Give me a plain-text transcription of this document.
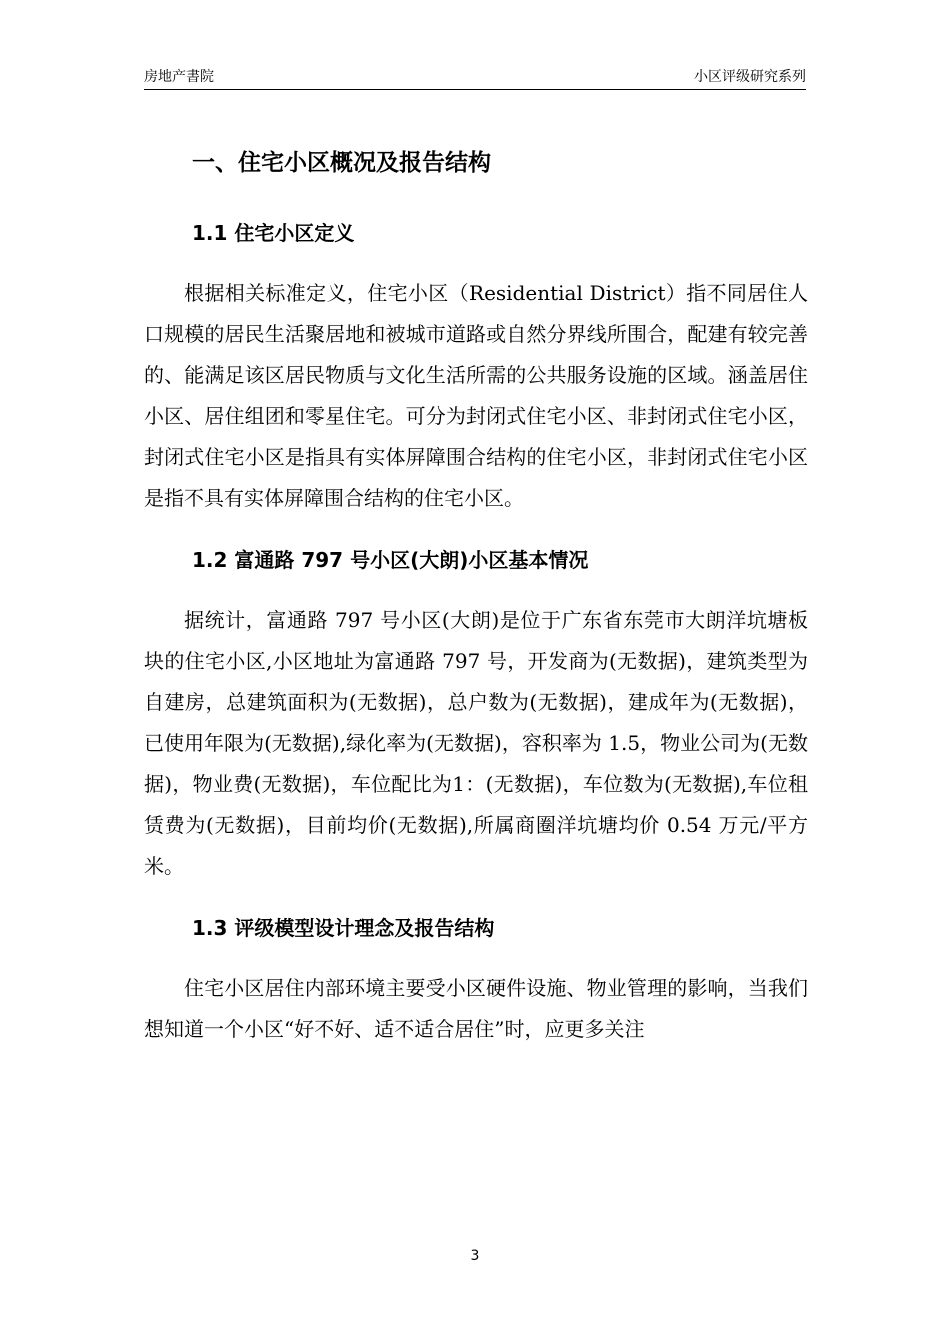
房地产書院	小区评级研究系列
一、住宅小区概况及报告结构
1.1 住宅小区定义

根据相关标准定义，住宅小区（Residential District）指不同居住人口规模的居民生活聚居地和被城市道路或自然分界线所围合，配建有较完善的、能满足该区居民物质与文化生活所需的公共服务设施的区域。涵盖居住小区、居住组团和零星住宅。可分为封闭式住宅小区、非封闭式住宅小区，封闭式住宅小区是指具有实体屏障围合结构的住宅小区，非封闭式住宅小区是指不具有实体屏障围合结构的住宅小区。

1.2 富通路 797 号小区(大朗)小区基本情况

据统计，富通路 797 号小区(大朗)是位于广东省东莞市大朗洋坑塘板块的住宅小区,小区地址为富通路 797 号，开发商为(无数据)，建筑类型为自建房，总建筑面积为(无数据)，总户数为(无数据)，建成年为(无数据)，已使用年限为(无数据),绿化率为(无数据)，容积率为 1.5，物业公司为(无数据)，物业费(无数据)，车位配比为1：(无数据)，车位数为(无数据),车位租赁费为(无数据)，目前均价(无数据),所属商圈洋坑塘均价 0.54 万元/平方米。

1.3 评级模型设计理念及报告结构

住宅小区居住内部环境主要受小区硬件设施、物业管理的影响，当我们想知道一个小区“好不好、适不适合居住”时，应更多关注

3
